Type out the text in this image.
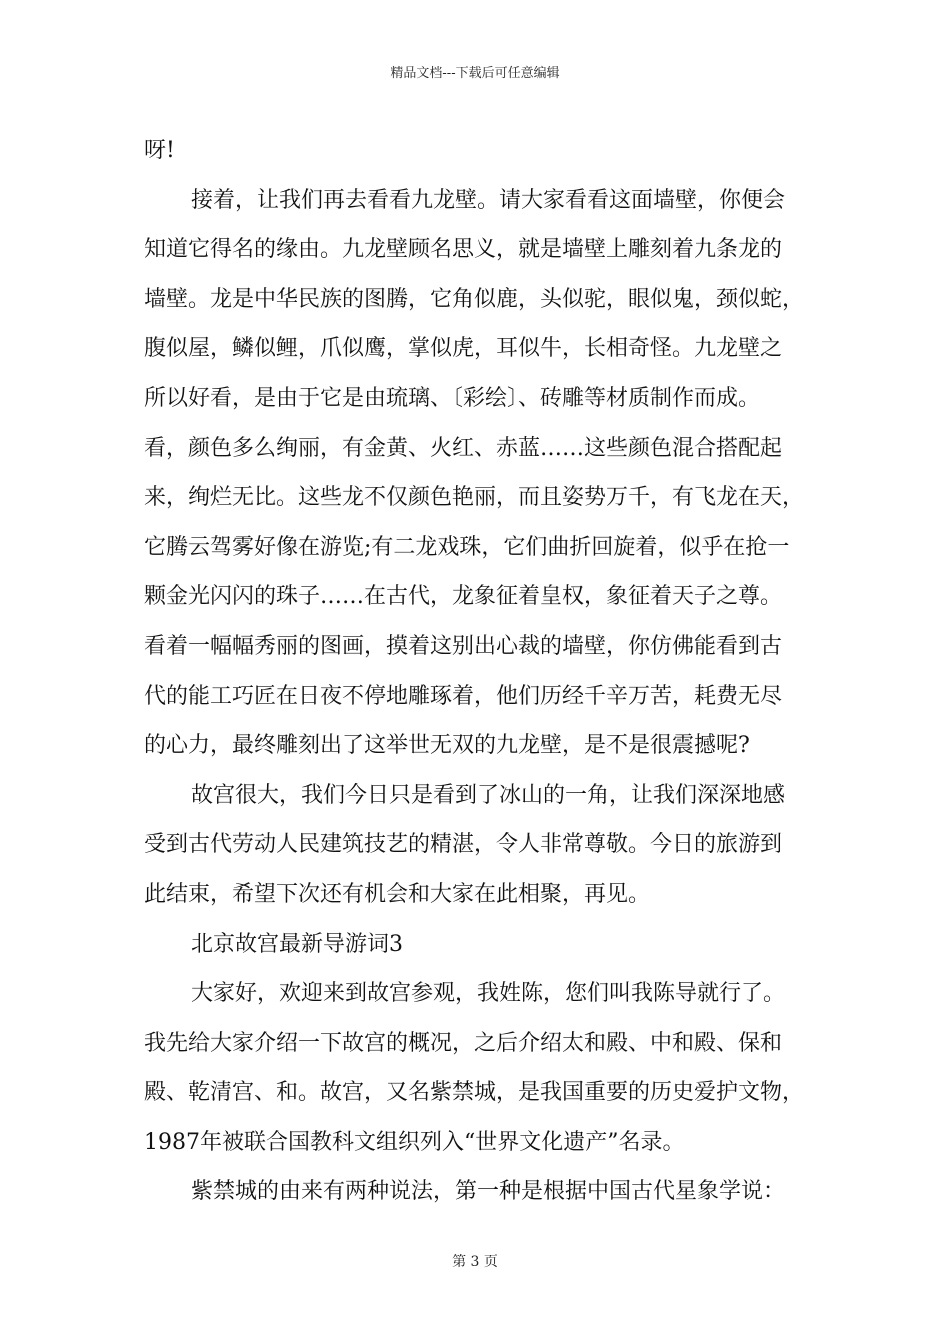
精品文档---下载后可任意编辑
呀!
接着，让我们再去看看九龙壁。请大家看看这面墙壁，你便会
知道它得名的缘由。九龙壁顾名思义，就是墙壁上雕刻着九条龙的
墙壁。龙是中华民族的图腾，它角似鹿，头似驼，眼似鬼，颈似蛇，
腹似屋，鳞似鲤，爪似鹰，掌似虎，耳似牛，长相奇怪。九龙壁之
所以好看，是由于它是由琉璃、〔彩绘〕、砖雕等材质制作而成。
看，颜色多么绚丽，有金黄、火红、赤蓝……这些颜色混合搭配起
来，绚烂无比。这些龙不仅颜色艳丽，而且姿势万千，有飞龙在天，
它腾云驾雾好像在游览;有二龙戏珠，它们曲折回旋着，似乎在抢一
颗金光闪闪的珠子……在古代，龙象征着皇权，象征着天子之尊。
看着一幅幅秀丽的图画，摸着这别出心裁的墙壁，你仿佛能看到古
代的能工巧匠在日夜不停地雕琢着，他们历经千辛万苦，耗费无尽
的心力，最终雕刻出了这举世无双的九龙壁，是不是很震撼呢?
故宫很大，我们今日只是看到了冰山的一角，让我们深深地感
受到古代劳动人民建筑技艺的精湛，令人非常尊敬。今日的旅游到
此结束，希望下次还有机会和大家在此相聚，再见。
北京故宫最新导游词3
大家好，欢迎来到故宫参观，我姓陈，您们叫我陈导就行了。
我先给大家介绍一下故宫的概况，之后介绍太和殿、中和殿、保和
殿、乾清宫、和。故宫，又名紫禁城，是我国重要的历史爱护文物，
1987年被联合国教科文组织列入“世界文化遗产”名录。
紫禁城的由来有两种说法，第一种是根据中国古代星象学说：
第 3 页
